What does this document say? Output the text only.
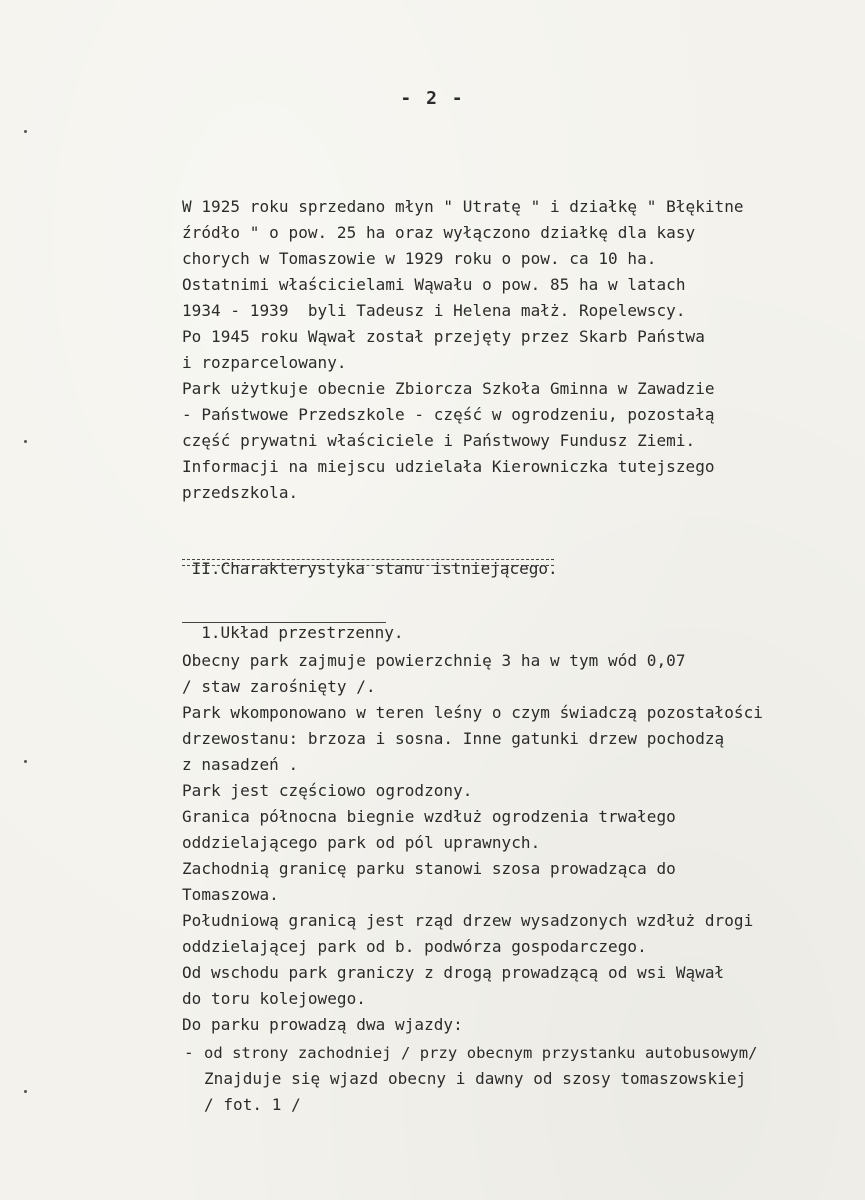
- 2 -
W 1925 roku sprzedano młyn " Utratę " i działkę " Błękitne
źródło " o pow. 25 ha oraz wyłączono działkę dla kasy
chorych w Tomaszowie w 1929 roku o pow. ca 10 ha.
Ostatnimi właścicielami Wąwału o pow. 85 ha w latach
1934 - 1939  byli Tadeusz i Helena małż. Ropelewscy.
Po 1945 roku Wąwał został przejęty przez Skarb Państwa
i rozparcelowany.
Park użytkuje obecnie Zbiorcza Szkoła Gminna w Zawadzie
- Państwowe Przedszkole - część w ogrodzeniu, pozostałą
część prywatni właściciele i Państwowy Fundusz Ziemi.
Informacji na miejscu udzielała Kierowniczka tutejszego
przedszkola.

II.Charakterystyka stanu istniejącego.

1.Układ przestrzenny.

Obecny park zajmuje powierzchnię 3 ha w tym wód 0,07
/ staw zarośnięty /.
Park wkomponowano w teren leśny o czym świadczą pozostałości
drzewostanu: brzoza i sosna. Inne gatunki drzew pochodzą
z nasadzeń .
Park jest częściowo ogrodzony.
Granica północna biegnie wzdłuż ogrodzenia trwałego
oddzielającego park od pól uprawnych.
Zachodnią granicę parku stanowi szosa prowadząca do
Tomaszowa.
Południową granicą jest rząd drzew wysadzonych wzdłuż drogi
oddzielającej park od b. podwórza gospodarczego.
Od wschodu park graniczy z drogą prowadzącą od wsi Wąwał
do toru kolejowego.
Do parku prowadzą dwa wjazdy:
- od strony zachodniej / przy obecnym przystanku autobusowym/
Znajduje się wjazd obecny i dawny od szosy tomaszowskiej
/ fot. 1 /
